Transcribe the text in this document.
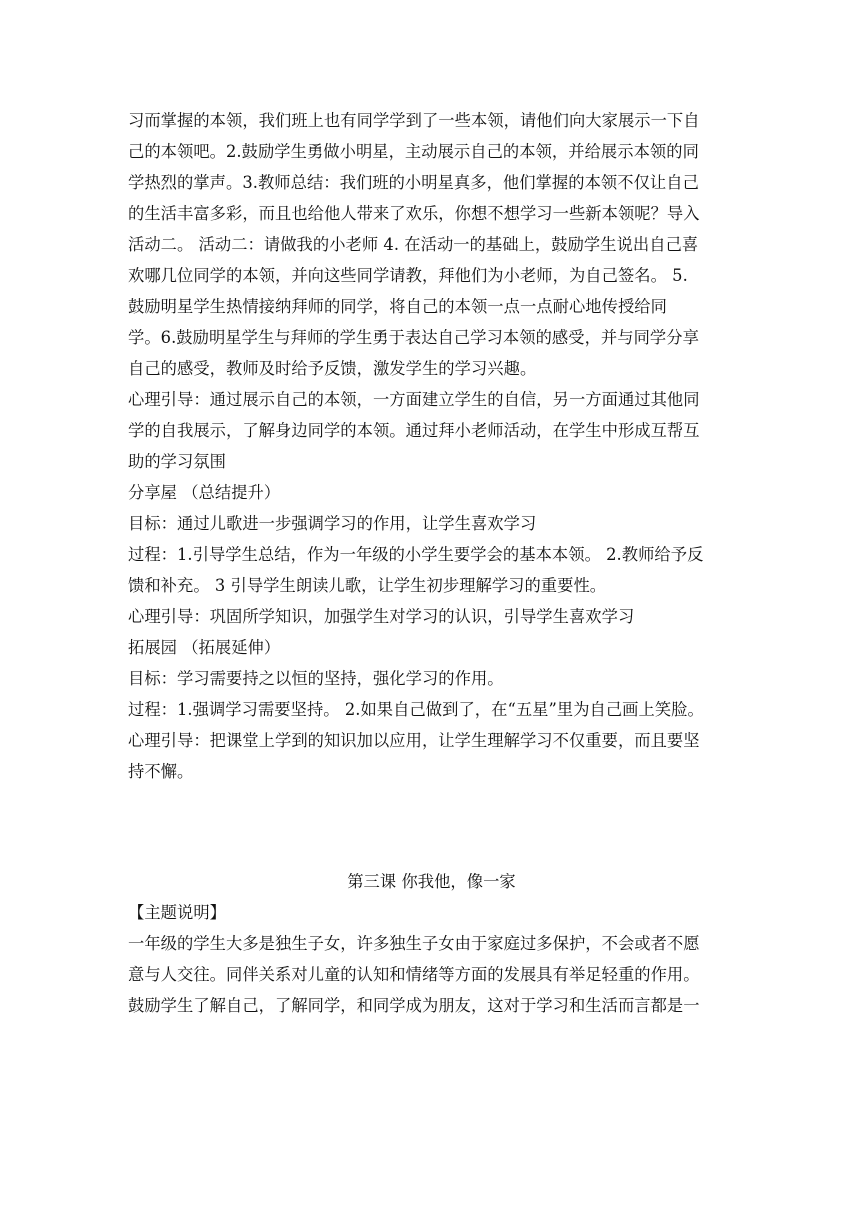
习而掌握的本领，我们班上也有同学学到了一些本领，请他们向大家展示一下自
己的本领吧。2.鼓励学生勇做小明星，主动展示自己的本领，并给展示本领的同
学热烈的掌声。3.教师总结：我们班的小明星真多，他们掌握的本领不仅让自己
的生活丰富多彩，而且也给他人带来了欢乐，你想不想学习一些新本领呢？导入
活动二。 活动二：请做我的小老师 4. 在活动一的基础上，鼓励学生说出自己喜
欢哪几位同学的本领，并向这些同学请教，拜他们为小老师，为自己签名。 5.
鼓励明星学生热情接纳拜师的同学，将自己的本领一点一点耐心地传授给同
学。6.鼓励明星学生与拜师的学生勇于表达自己学习本领的感受，并与同学分享
自己的感受，教师及时给予反馈，激发学生的学习兴趣。
心理引导：通过展示自己的本领，一方面建立学生的自信，另一方面通过其他同
学的自我展示，了解身边同学的本领。通过拜小老师活动，在学生中形成互帮互
助的学习氛围
分享屋 （总结提升）
目标：通过儿歌进一步强调学习的作用，让学生喜欢学习
过程：1.引导学生总结，作为一年级的小学生要学会的基本本领。 2.教师给予反
馈和补充。 3 引导学生朗读儿歌，让学生初步理解学习的重要性。
心理引导：巩固所学知识，加强学生对学习的认识，引导学生喜欢学习
拓展园 （拓展延伸）
目标：学习需要持之以恒的坚持，强化学习的作用。
过程：1.强调学习需要坚持。 2.如果自己做到了，在“五星”里为自己画上笑脸。
心理引导：把课堂上学到的知识加以应用，让学生理解学习不仅重要，而且要坚
持不懈。
第三课 你我他，像一家
【主题说明】
一年级的学生大多是独生子女，许多独生子女由于家庭过多保护，不会或者不愿
意与人交往。同伴关系对儿童的认知和情绪等方面的发展具有举足轻重的作用。
鼓励学生了解自己，了解同学，和同学成为朋友，这对于学习和生活而言都是一
